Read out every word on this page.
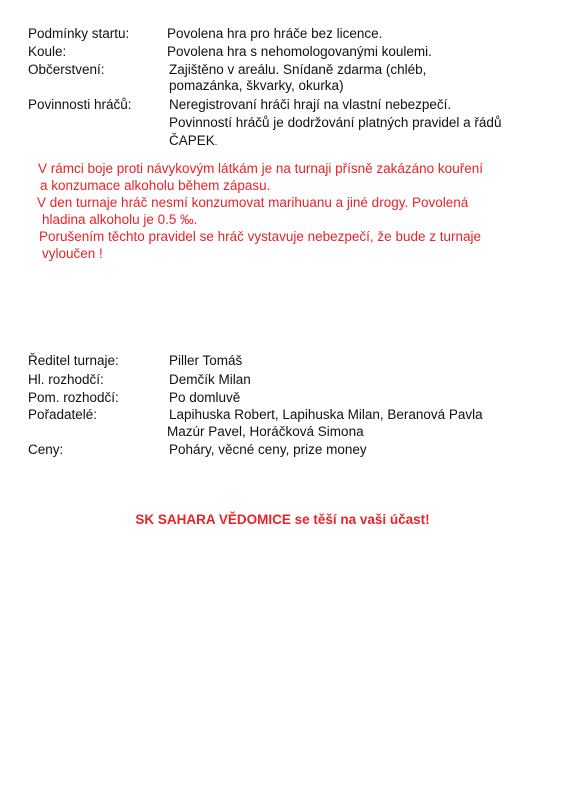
Podmínky startu:	Povolena hra pro hráče bez licence.
Koule:	Povolena hra s nehomologovanými koulemi.
Občerstvení:	Zajištěno v areálu. Snídaně zdarma (chléb,
pomazánka, škvarky, okurka)
Povinnosti hráčů:	Neregistrovaní hráči hrají na vlastní nebezpečí.
Povinností hráčů je dodržování platných pravidel a řádů
ČAPEK.
V rámci boje proti návykovým látkám je na turnaji přísně zakázáno kouření
a konzumace alkoholu během zápasu.
V den turnaje hráč nesmí konzumovat marihuanu a jiné drogy. Povolená
hladina alkoholu je 0.5 ‰.
Porušením těchto pravidel se hráč vystavuje nebezpečí, že bude z turnaje
vyloučen !
Ředitel turnaje:	Piller Tomáš
Hl. rozhodčí:	Demčík Milan
Pom. rozhodčí:	Po domluvě
Pořadatelé:	Lapihuska Robert, Lapihuska Milan, Beranová Pavla
Mazúr Pavel, Horáčková Simona
Ceny:	Poháry, věcné ceny, prize money
SK SAHARA VĚDOMICE se těší na vaši účast!
